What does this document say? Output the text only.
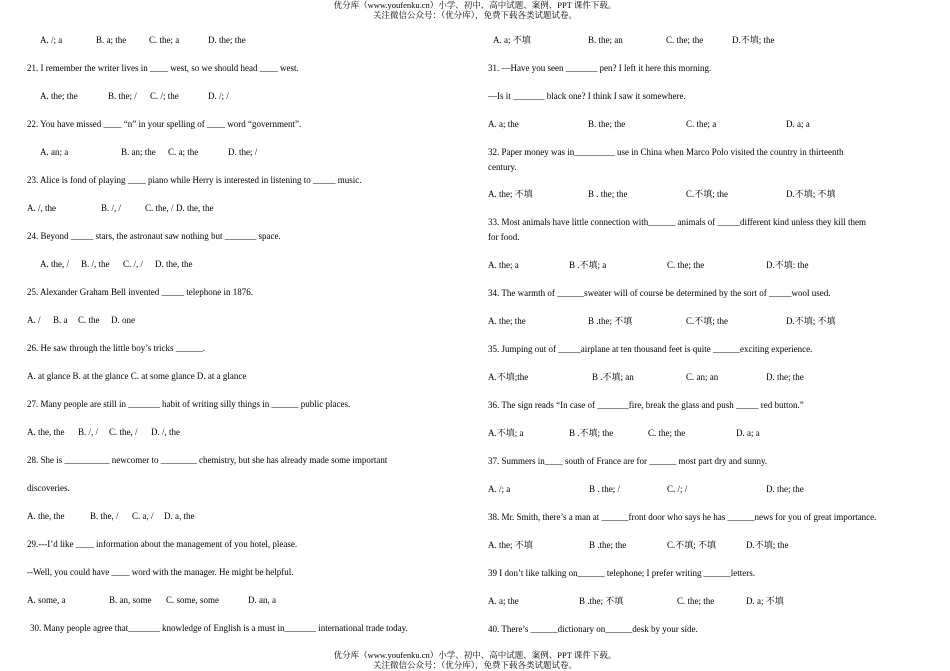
优分库（www.youfenku.cn）小学、初中、高中试题、案例、PPT 课件下载。
关注微信公众号：（优分库），免费下载各类试题试卷。
A. /; a	B. a; the	C. the; a	D. the; the
21. I remember the writer lives in ____ west, so we should head ____ west.
A. the; the	B. the; / C. /; the	D. /; /
22. You have missed ____ “n” in your spelling of ____ word “government”.
A. an; a	B. an; the C. a; the	D. the; /
23. Alice is fond of playing ____ piano while Herry is interested in listening to _____ music.
A. /, the	B. /, /	C. the, / D. the, the
24. Beyond _____ stars, the astronaut saw nothing but _______ space.
A. the, / B. /, the C. /, / D. the, the
25. Alexander Graham Bell invented _____ telephone in 1876.
A. / B. a C. the D. one
26. He saw through the little boy’s tricks ______.
A. at glance B. at the glance C. at some glance D. at a glance
27. Many people are still in _______ habit of writing silly things in ______ public places.
A. the, the B. /, / C. the, / D. /, the
28. She is __________ newcomer to ________ chemistry, but she has already made some important
discoveries.
A. the, the	B. the, / C. a, / D. a, the
29.---I’d like ____ information about the management of you hotel, please.
--Well, you could have ____ word with the manager. He might be helpful.
A. some, a	B. an, some C. some, some	D. an, a
30. Many people agree that_______ knowledge of English is a must in_______ international trade today.
A. a; 不填	B. the; an	C. the; the	D.不填; the
31. —Have you seen _______ pen? I left it here this morning.
—Is it _______ black one? I think I saw it somewhere.
A. a; the	B. the; the	C. the; a	D. a; a
32. Paper money was in_________ use in China when Marco Polo visited the country in thirteenth
century.
A. the; 不填	B . the; the	C.不填; the	D.不填; 不填
33. Most animals have little connection with______ animals of _____different kind unless they kill them
for food.
A. the; a	B .不填; a	C. the; the	D.不填: the
34. The warmth of ______sweater will of course be determined by the sort of _____wool used.
A. the; the	B .the; 不填	C.不填; the	D.不填; 不填
35. Jumping out of _____airplane at ten thousand feet is quite ______exciting experience.
A.不填;the	B .不填; an	C. an; an	D. the; the
36. The sign reads “In case of _______fire, break the glass and push _____ red button.”
A.不填; a	B .不填; the	C. the; the	D. a; a
37. Summers in____ south of France are for ______ most part dry and sunny.
A. /; a	B . the; /	C. /; /	D. the; the
38. Mr. Smith, there’s a man at ______front door who says he has ______news for you of great importance.
A. the; 不填	B .the; the	C.不填; 不填	D.不填; the
39 I don’t like talking on______ telephone; I prefer writing ______letters.
A. a; the	B .the; 不填	C. the; the	D. a; 不填
40. There’s ______dictionary on______desk by your side.
优分库（www.youfenku.cn）小学、初中、高中试题、案例、PPT 课件下载。
关注微信公众号：（优分库），免费下载各类试题试卷。
